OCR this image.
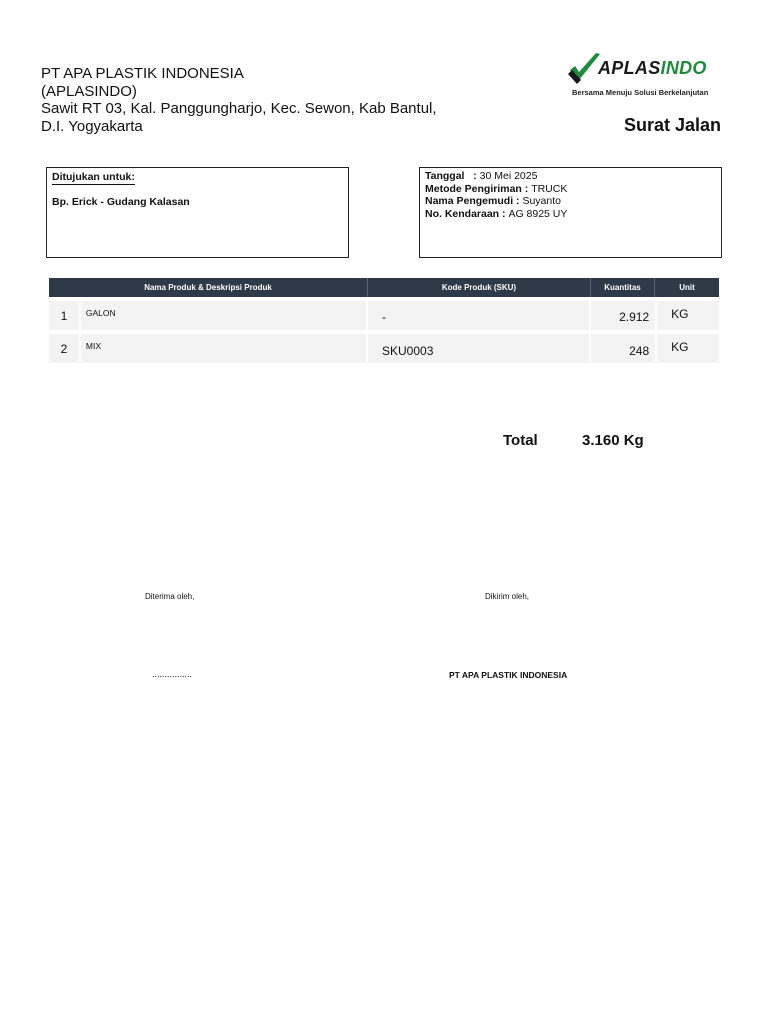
PT APA PLASTIK INDONESIA
(APLASINDO)
Sawit RT 03, Kal. Panggungharjo, Kec. Sewon, Kab Bantul,
D.I. Yogyakarta
APLASINDO
Bersama Menuju Solusi Berkelanjutan
Surat Jalan
Ditujukan untuk:
Bp. Erick - Gudang Kalasan
Tanggal   : 30 Mei 2025
Metode Pengiriman : TRUCK
Nama Pengemudi : Suyanto
No. Kendaraan : AG 8925 UY
Nama Produk & Deskripsi Produk	Kode Produk (SKU)	Kuantitas	Unit
1	GALON	-	2.912	KG
2	MIX	SKU0003	248	KG
Total	3.160 Kg
Diterima oleh,	Dikirim oleh,
................	PT APA PLASTIK INDONESIA
